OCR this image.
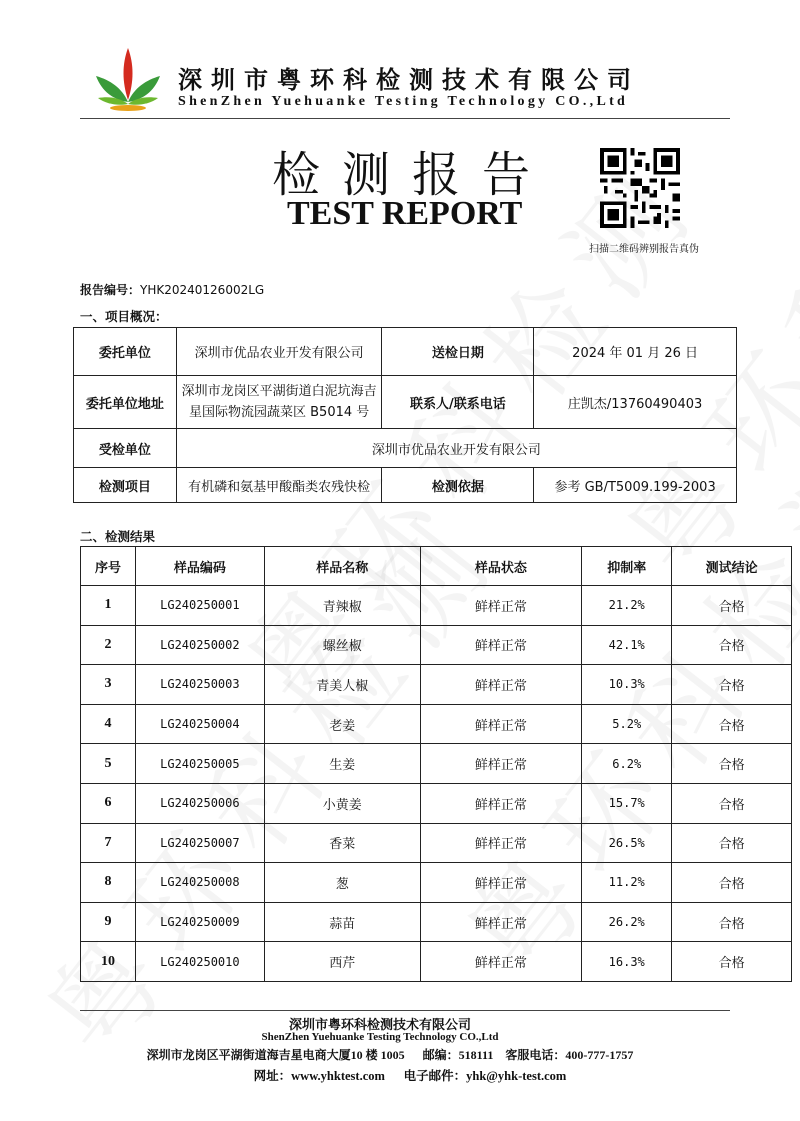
深圳市粤环科检测技术有限公司
ShenZhen Yuehuanke Testing Technology CO.,Ltd
检测报告
TEST REPORT
扫描二维码辨别报告真伪
报告编号：YHK20240126002LG
一、项目概况：
委托单位	深圳市优品农业开发有限公司	送检日期	2024 年 01 月 26 日
委托单位地址	深圳市龙岗区平湖街道白泥坑海吉
星国际物流园蔬菜区 B5014 号	联系人/联系电话	庄凯杰/13760490403
受检单位	深圳市优品农业开发有限公司		
检测项目	有机磷和氨基甲酸酯类农残快检	检测依据	参考 GB/T5009.199-2003
二、检测结果
序号	样品编码	样品名称	样品状态	抑制率	测试结论
1	LG240250001	青辣椒	鲜样正常	21.2%	合格
2	LG240250002	螺丝椒	鲜样正常	42.1%	合格
3	LG240250003	青美人椒	鲜样正常	10.3%	合格
4	LG240250004	老姜	鲜样正常	5.2%	合格
5	LG240250005	生姜	鲜样正常	6.2%	合格
6	LG240250006	小黄姜	鲜样正常	15.7%	合格
7	LG240250007	香菜	鲜样正常	26.5%	合格
8	LG240250008	葱	鲜样正常	11.2%	合格
9	LG240250009	蒜苗	鲜样正常	26.2%	合格
10	LG240250010	西芹	鲜样正常	16.3%	合格
深圳市粤环科检测技术有限公司
ShenZhen Yuehuanke Testing Technology CO.,Ltd
深圳市龙岗区平湖街道海吉星电商大厦10 楼 1005      邮编：518111    客服电话：400-777-1757
网址：www.yhktest.com      电子邮件：yhk@yhk-test.com
